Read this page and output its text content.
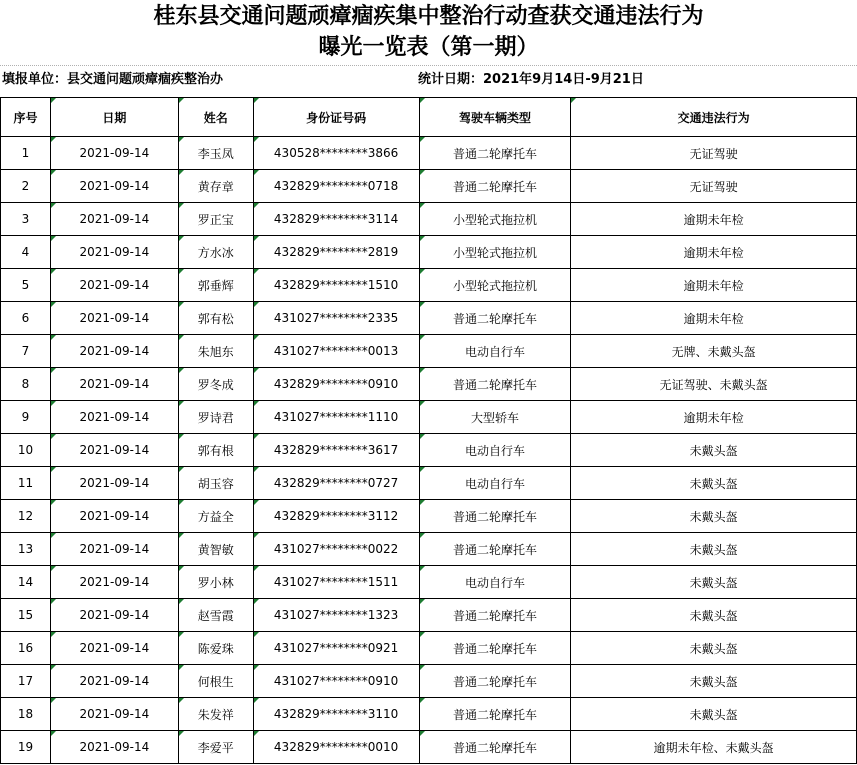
桂东县交通问题顽瘴痼疾集中整治行动查获交通违法行为
曝光一览表（第一期）
填报单位：县交通问题顽瘴痼疾整治办	统计日期：2021年9月14日-9月21日
序号	日期	姓名	身份证号码	驾驶车辆类型	交通违法行为
1	2021-09-14	李玉凤	430528********3866	普通二轮摩托车	无证驾驶
2	2021-09-14	黄存章	432829********0718	普通二轮摩托车	无证驾驶
3	2021-09-14	罗正宝	432829********3114	小型轮式拖拉机	逾期未年检
4	2021-09-14	方水冰	432829********2819	小型轮式拖拉机	逾期未年检
5	2021-09-14	郭垂辉	432829********1510	小型轮式拖拉机	逾期未年检
6	2021-09-14	郭有松	431027********2335	普通二轮摩托车	逾期未年检
7	2021-09-14	朱旭东	431027********0013	电动自行车	无牌、未戴头盔
8	2021-09-14	罗冬成	432829********0910	普通二轮摩托车	无证驾驶、未戴头盔
9	2021-09-14	罗诗君	431027********1110	大型轿车	逾期未年检
10	2021-09-14	郭有根	432829********3617	电动自行车	未戴头盔
11	2021-09-14	胡玉容	432829********0727	电动自行车	未戴头盔
12	2021-09-14	方益全	432829********3112	普通二轮摩托车	未戴头盔
13	2021-09-14	黄智敏	431027********0022	普通二轮摩托车	未戴头盔
14	2021-09-14	罗小林	431027********1511	电动自行车	未戴头盔
15	2021-09-14	赵雪霞	431027********1323	普通二轮摩托车	未戴头盔
16	2021-09-14	陈爱珠	431027********0921	普通二轮摩托车	未戴头盔
17	2021-09-14	何根生	431027********0910	普通二轮摩托车	未戴头盔
18	2021-09-14	朱发祥	432829********3110	普通二轮摩托车	未戴头盔
19	2021-09-14	李爱平	432829********0010	普通二轮摩托车	逾期未年检、未戴头盔
